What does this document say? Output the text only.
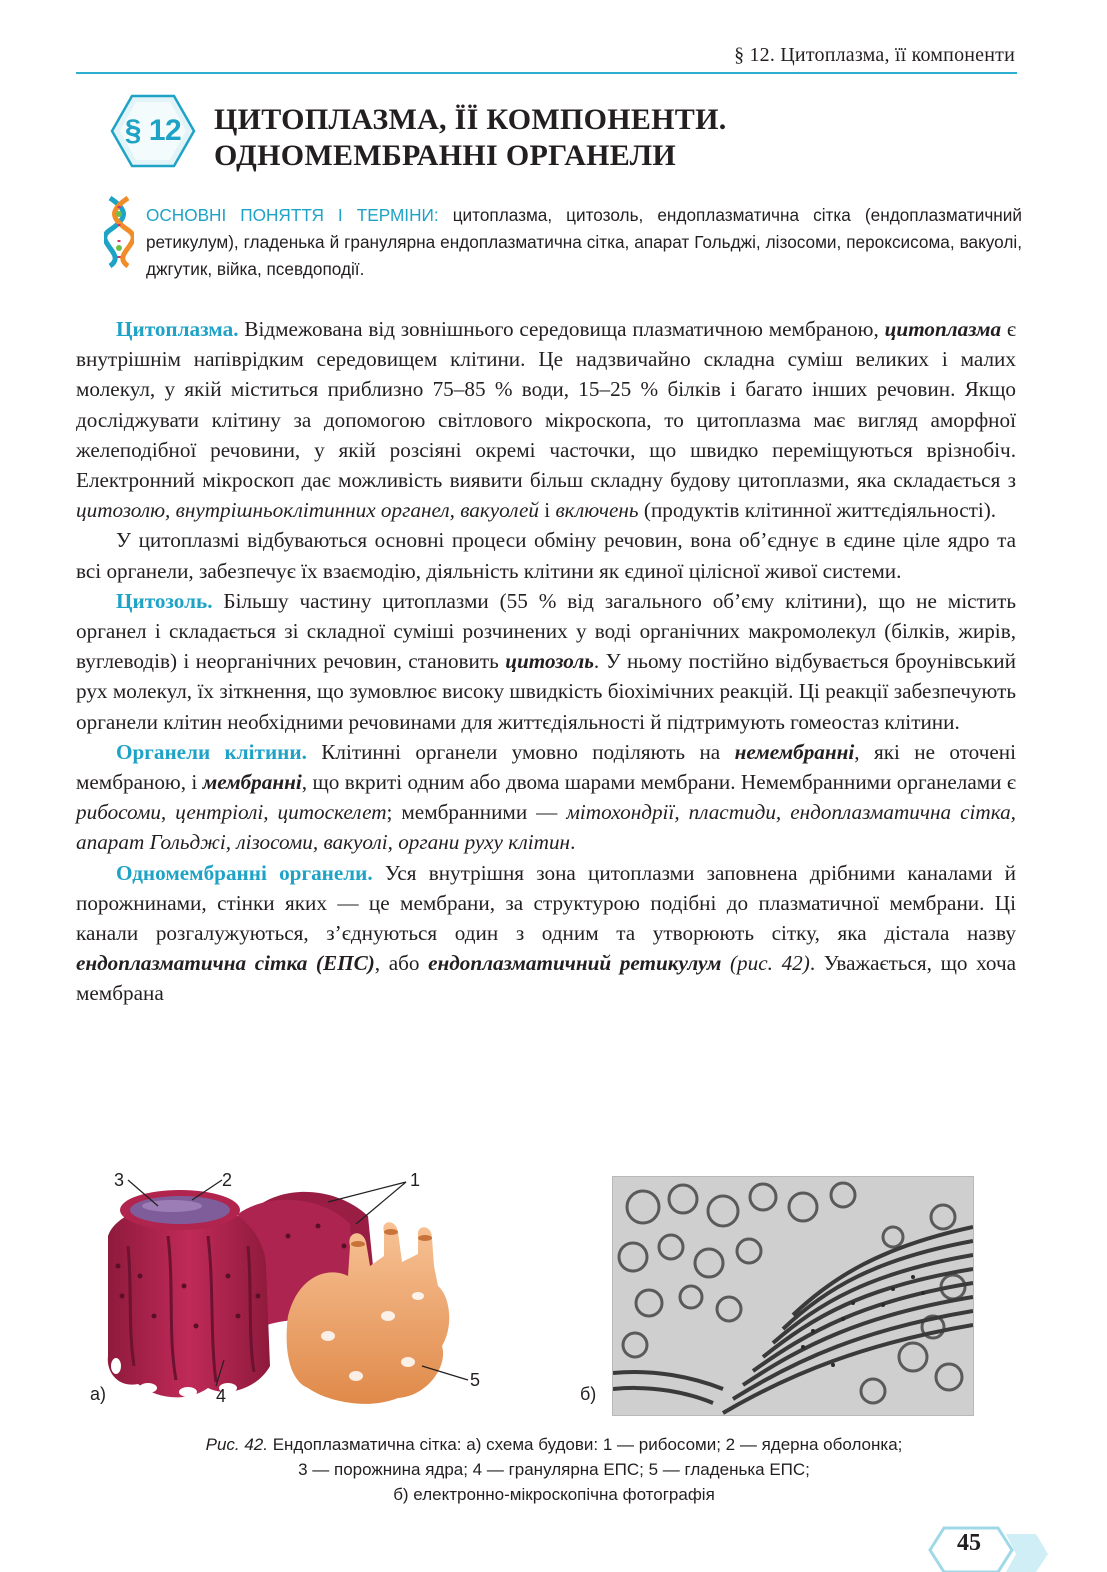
§ 12. Цитоплазма, її компоненти
§ 12	ЦИТОПЛАЗМА, ЇЇ КОМПОНЕНТИ.
ОДНОМЕМБРАННІ ОРГАНЕЛИ
ОСНОВНІ ПОНЯТТЯ І ТЕРМІНИ: цитоплазма, цитозоль, ендоплазматична сітка (ендоплазматичний ретикулум), гладенька й гранулярна ендоплазматична сітка, апарат Гольджі, лізосоми, пероксисома, вакуолі, джгутик, війка, псевдоподії.

Цитоплазма. Відмежована від зовнішнього середовища плазматичною мембраною, цитоплазма є внутрішнім напіврідким середовищем клітини. Це надзвичайно складна суміш великих і малих молекул, у якій міститься приблизно 75–85 % води, 15–25 % білків і багато інших речовин. Якщо досліджувати клітину за допомогою світлового мікроскопа, то цитоплазма має вигляд аморфної желеподібної речовини, у якій розсіяні окремі часточки, що швидко переміщуються врізнобіч. Електронний мікроскоп дає можливість виявити більш складну будову цитоплазми, яка складається з цитозолю, внутрішньоклітинних органел, вакуолей і включень (продуктів клітинної життєдіяльності).

У цитоплазмі відбуваються основні процеси обміну речовин, вона об’єднує в єдине ціле ядро та всі органели, забезпечує їх взаємодію, діяльність клітини як єдиної цілісної живої системи.

Цитозоль. Більшу частину цитоплазми (55 % від загального об’єму клітини), що не містить органел і складається зі складної суміші розчинених у воді органічних макромолекул (білків, жирів, вуглеводів) і неорганічних речовин, становить цитозоль. У ньому постійно відбувається броунівський рух молекул, їх зіткнення, що зумовлює високу швидкість біохімічних реакцій. Ці реакції забезпечують органели клітин необхідними речовинами для життєдіяльності й підтримують гомеостаз клітини.

Органели клітини. Клітинні органели умовно поділяють на немембранні, які не оточені мембраною, і мембранні, що вкриті одним або двома шарами мембрани. Немембранними органелами є рибосоми, центріолі, цитоскелет; мембранними — мітохондрії, пластиди, ендоплазматична сітка, апарат Гольджі, лізосоми, вакуолі, органи руху клітин.

Одномембранні органели. Уся внутрішня зона цитоплазми заповнена дрібними каналами й порожнинами, стінки яких — це мембрани, за структурою подібні до плазматичної мембрани. Ці канали розгалужуються, з’єднуються один з одним та утворюють сітку, яка дістала назву ендоплазматична сітка (ЕПС), або ендоплазматичний ретикулум (рис. 42). Уважається, що хоча мембрана

3	2	1
4
5
а)	б)
Рис. 42. Ендоплазматична сітка: а) схема будови: 1 — рибосоми; 2 — ядерна оболонка;
3 — порожнина ядра; 4 — гранулярна ЕПС; 5 — гладенька ЕПС;
б) електронно-мікроскопічна фотографія
45
